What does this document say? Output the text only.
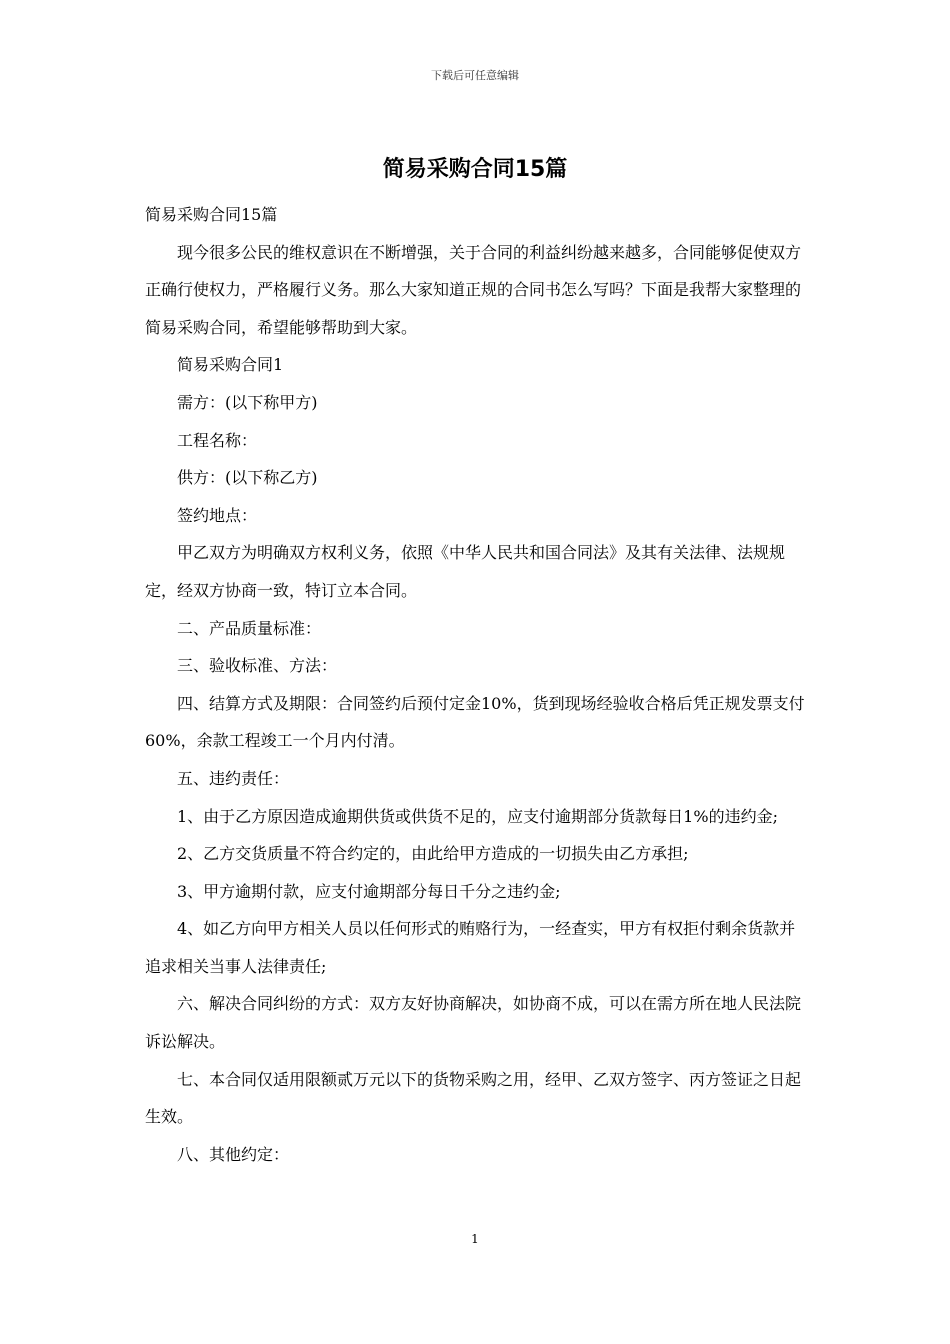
下载后可任意编辑
简易采购合同15篇

简易采购合同15篇

现今很多公民的维权意识在不断增强，关于合同的利益纠纷越来越多，合同能够促使双方正确行使权力，严格履行义务。那么大家知道正规的合同书怎么写吗？下面是我帮大家整理的简易采购合同，希望能够帮助到大家。

简易采购合同1

需方：(以下称甲方)

工程名称：

供方：(以下称乙方)

签约地点：

甲乙双方为明确双方权利义务，依照《中华人民共和国合同法》及其有关法律、法规规定，经双方协商一致，特订立本合同。

二、产品质量标准：

三、验收标准、方法：

四、结算方式及期限：合同签约后预付定金10%，货到现场经验收合格后凭正规发票支付60%，余款工程竣工一个月内付清。

五、违约责任：

1、由于乙方原因造成逾期供货或供货不足的，应支付逾期部分货款每日1%的违约金;

2、乙方交货质量不符合约定的，由此给甲方造成的一切损失由乙方承担;

3、甲方逾期付款，应支付逾期部分每日千分之违约金;

4、如乙方向甲方相关人员以任何形式的贿赂行为，一经查实，甲方有权拒付剩余货款并追求相关当事人法律责任;

六、解决合同纠纷的方式：双方友好协商解决，如协商不成，可以在需方所在地人民法院诉讼解决。

七、本合同仅适用限额贰万元以下的货物采购之用，经甲、乙双方签字、丙方签证之日起生效。

八、其他约定：

1
